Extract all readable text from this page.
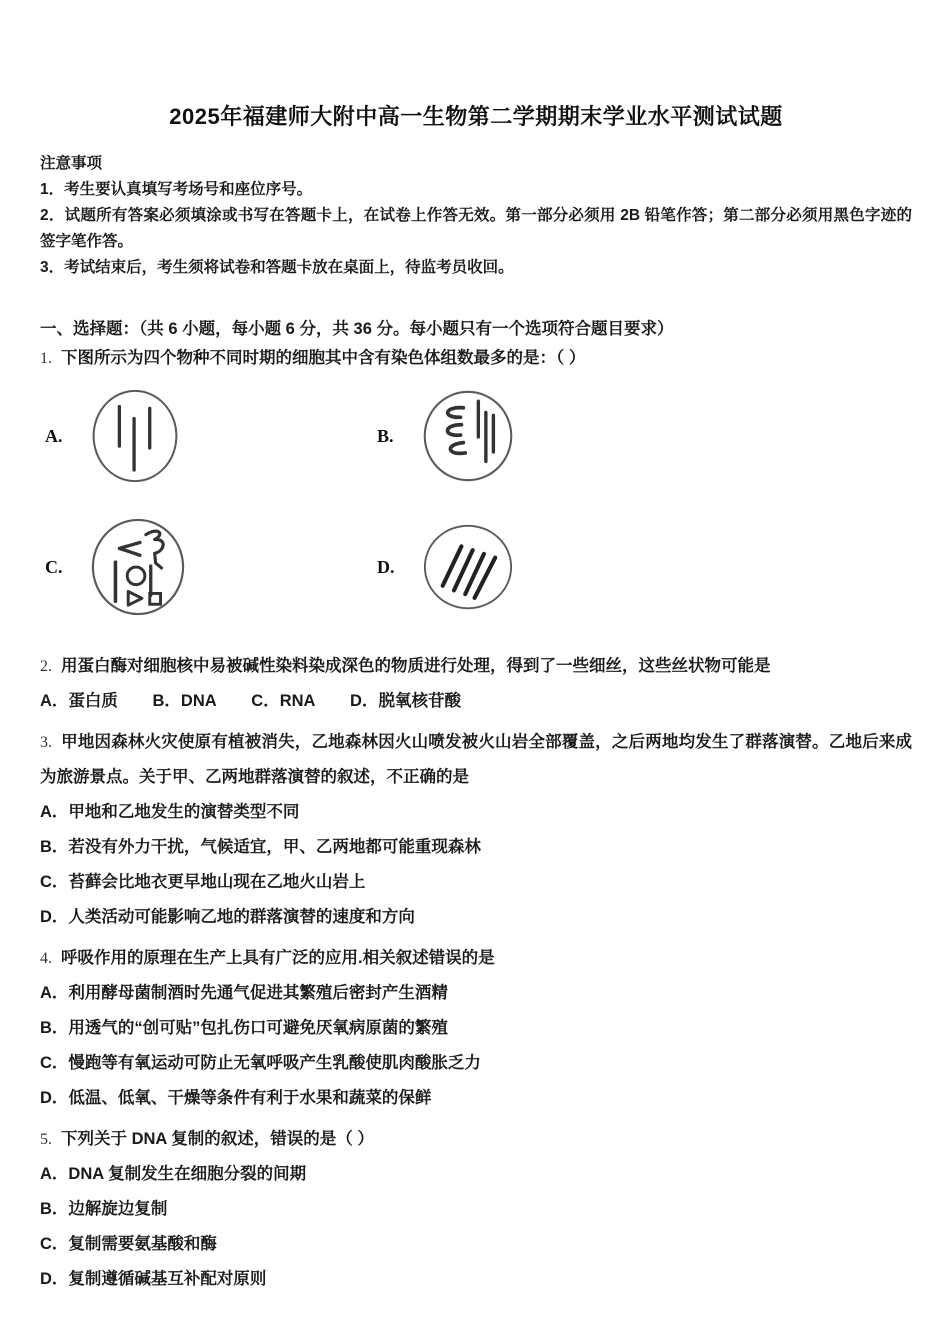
2025年福建师大附中高一生物第二学期期末学业水平测试试题
注意事项
1．考生要认真填写考场号和座位序号。
2．试题所有答案必须填涂或书写在答题卡上，在试卷上作答无效。第一部分必须用 2B 铅笔作答；第二部分必须用黑色字迹的签字笔作答。
3．考试结束后，考生须将试卷和答题卡放在桌面上，待监考员收回。
一、选择题：（共 6 小题，每小题 6 分，共 36 分。每小题只有一个选项符合题目要求）

1. 下图所示为四个物种不同时期的细胞其中含有染色体组数最多的是：（ ）

A.	B.
C.	D.

2. 用蛋白酶对细胞核中易被碱性染料染成深色的物质进行处理，得到了一些细丝，这些丝状物可能是

A．蛋白质 B．DNA C．RNA D．脱氧核苷酸

3. 甲地因森林火灾使原有植被消失，乙地森林因火山喷发被火山岩全部覆盖，之后两地均发生了群落演替。乙地后来成为旅游景点。关于甲、乙两地群落演替的叙述，不正确的是

A．甲地和乙地发生的演替类型不同
B．若没有外力干扰，气候适宜，甲、乙两地都可能重现森林
C．苔藓会比地衣更早地山现在乙地火山岩上
D．人类活动可能影响乙地的群落演替的速度和方向

4. 呼吸作用的原理在生产上具有广泛的应用.相关叙述错误的是

A．利用酵母菌制酒时先通气促进其繁殖后密封产生酒精
B．用透气的“创可贴”包扎伤口可避免厌氧病原菌的繁殖
C．慢跑等有氧运动可防止无氧呼吸产生乳酸使肌肉酸胀乏力
D．低温、低氧、干燥等条件有利于水果和蔬菜的保鲜

5. 下列关于 DNA 复制的叙述，错误的是（ ）

A．DNA 复制发生在细胞分裂的间期
B．边解旋边复制
C．复制需要氨基酸和酶
D．复制遵循碱基互补配对原则
